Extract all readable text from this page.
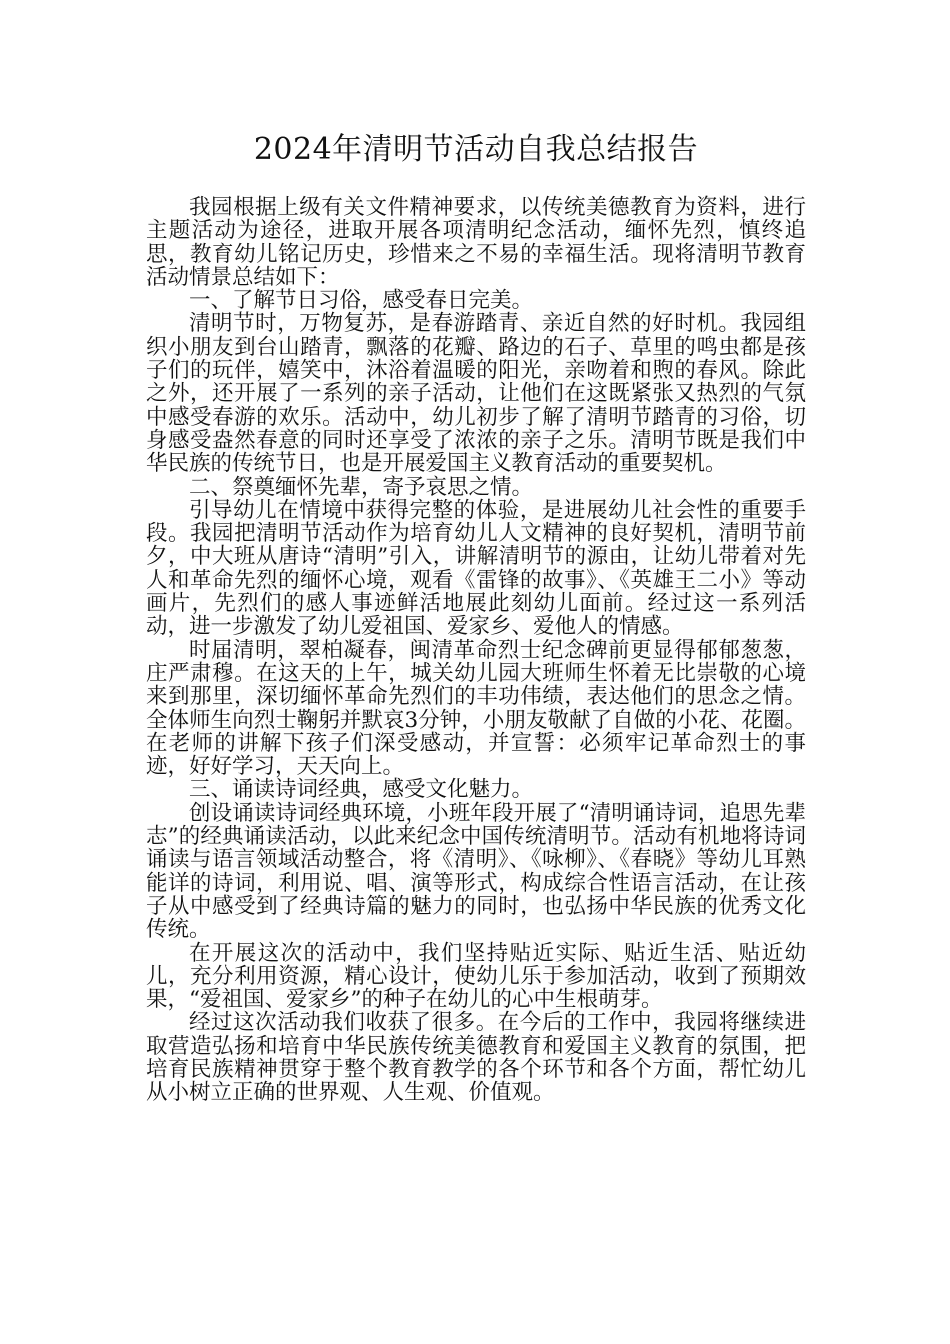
2024年清明节活动自我总结报告

我园根据上级有关文件精神要求，以传统美德教育为资料，进行主题活动为途径，进取开展各项清明纪念活动，缅怀先烈，慎终追思，教育幼儿铭记历史，珍惜来之不易的幸福生活。现将清明节教育活动情景总结如下：

一、了解节日习俗，感受春日完美。

清明节时，万物复苏，是春游踏青、亲近自然的好时机。我园组织小朋友到台山踏青，飘落的花瓣、路边的石子、草里的鸣虫都是孩子们的玩伴，嬉笑中，沐浴着温暖的阳光，亲吻着和煦的春风。除此之外，还开展了一系列的亲子活动，让他们在这既紧张又热烈的气氛中感受春游的欢乐。活动中，幼儿初步了解了清明节踏青的习俗，切身感受盎然春意的同时还享受了浓浓的亲子之乐。清明节既是我们中华民族的传统节日，也是开展爱国主义教育活动的重要契机。

二、祭奠缅怀先辈，寄予哀思之情。

引导幼儿在情境中获得完整的体验，是进展幼儿社会性的重要手段。我园把清明节活动作为培育幼儿人文精神的良好契机，清明节前夕，中大班从唐诗“清明”引入，讲解清明节的源由，让幼儿带着对先人和革命先烈的缅怀心境，观看《雷锋的故事》、《英雄王二小》等动画片，先烈们的感人事迹鲜活地展此刻幼儿面前。经过这一系列活动，进一步激发了幼儿爱祖国、爱家乡、爱他人的情感。

时届清明，翠柏凝春，闽清革命烈士纪念碑前更显得郁郁葱葱，庄严肃穆。在这天的上午，城关幼儿园大班师生怀着无比崇敬的心境来到那里，深切缅怀革命先烈们的丰功伟绩，表达他们的思念之情。全体师生向烈士鞠躬并默哀3分钟，小朋友敬献了自做的小花、花圈。在老师的讲解下孩子们深受感动，并宣誓：必须牢记革命烈士的事迹，好好学习，天天向上。

三、诵读诗词经典，感受文化魅力。

创设诵读诗词经典环境，小班年段开展了“清明诵诗词，追思先辈志”的经典诵读活动，以此来纪念中国传统清明节。活动有机地将诗词诵读与语言领域活动整合，将《清明》、《咏柳》、《春晓》等幼儿耳熟能详的诗词，利用说、唱、演等形式，构成综合性语言活动，在让孩子从中感受到了经典诗篇的魅力的同时，也弘扬中华民族的优秀文化传统。

在开展这次的活动中，我们坚持贴近实际、贴近生活、贴近幼儿，充分利用资源，精心设计，使幼儿乐于参加活动，收到了预期效果，“爱祖国、爱家乡”的种子在幼儿的心中生根萌芽。

经过这次活动我们收获了很多。在今后的工作中，我园将继续进取营造弘扬和培育中华民族传统美德教育和爱国主义教育的氛围，把培育民族精神贯穿于整个教育教学的各个环节和各个方面，帮忙幼儿从小树立正确的世界观、人生观、价值观。
